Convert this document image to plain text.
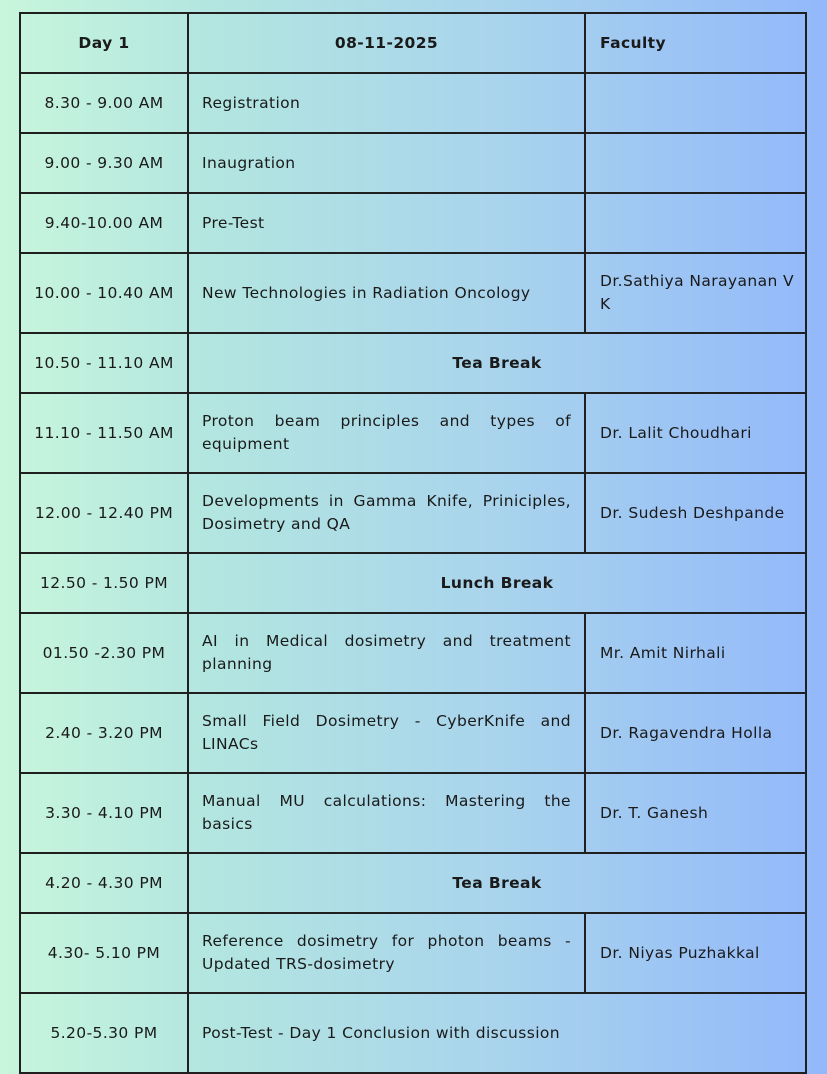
Day 1	08-11-2025	Faculty
8.30 - 9.00 AM	Registration	
9.00 - 9.30 AM	Inaugration	
9.40-10.00 AM	Pre-Test	
10.00 - 10.40 AM	New Technologies in Radiation Oncology	Dr.Sathiya Narayanan V K
10.50 - 11.10 AM	Tea Break	
11.10 - 11.50 AM	Proton beam principles and types of equipment	Dr. Lalit Choudhari
12.00 - 12.40 PM	Developments in Gamma Knife, Priniciples, Dosimetry and QA	Dr. Sudesh Deshpande
12.50 - 1.50 PM	Lunch Break	
01.50 -2.30 PM	AI in Medical dosimetry and treatment planning	Mr. Amit Nirhali
2.40 - 3.20 PM	Small Field Dosimetry - CyberKnife and LINACs	Dr. Ragavendra Holla
3.30 - 4.10 PM	Manual MU calculations: Mastering the basics	Dr. T. Ganesh
4.20 - 4.30 PM	Tea Break	
4.30- 5.10 PM	Reference dosimetry for photon beams - Updated TRS-dosimetry	Dr. Niyas Puzhakkal
5.20-5.30 PM	Post-Test - Day 1 Conclusion with discussion	
